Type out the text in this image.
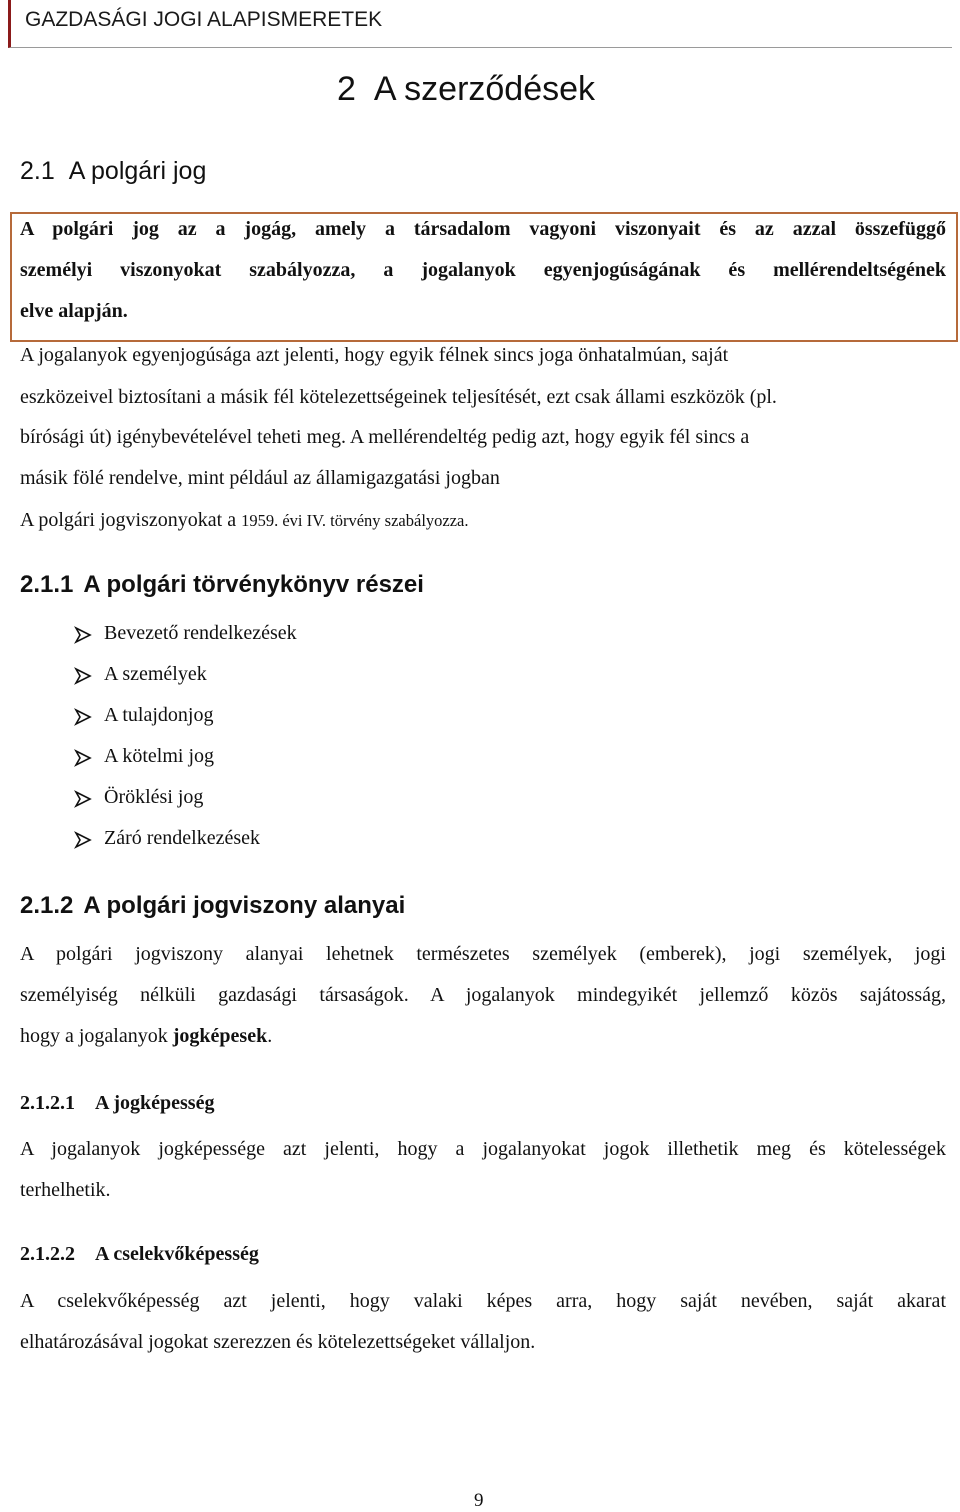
GAZDASÁGI JOGI ALAPISMERETEK
2 A szerződések
2.1 A polgári jog
A polgári jog az a jogág, amely a társadalom vagyoni viszonyait és az azzal összefüggő
személyi viszonyokat szabályozza, a jogalanyok egyenjogúságának és mellérendeltségének
elve alapján.
A jogalanyok egyenjogúsága azt jelenti, hogy egyik félnek sincs joga önhatalmúan, saját
eszközeivel biztosítani a másik fél kötelezettségeinek teljesítését, ezt csak állami eszközök (pl.
bírósági út) igénybevételével teheti meg. A mellérendeltég pedig azt, hogy egyik fél sincs a
másik fölé rendelve, mint például az államigazgatási jogban
A polgári jogviszonyokat a 1959. évi IV. törvény szabályozza.
2.1.1 A polgári törvénykönyv részei
Bevezető rendelkezések
A személyek
A tulajdonjog
A kötelmi jog
Öröklési jog
Záró rendelkezések
2.1.2 A polgári jogviszony alanyai
A polgári jogviszony alanyai lehetnek természetes személyek (emberek), jogi személyek, jogi
személyiség nélküli gazdasági társaságok. A jogalanyok mindegyikét jellemző közös sajátosság,
hogy a jogalanyok jogképesek.
2.1.2.1 A jogképesség
A jogalanyok jogképessége azt jelenti, hogy a jogalanyokat jogok illethetik meg és kötelességek
terhelhetik.
2.1.2.2 A cselekvőképesség
A cselekvőképesség azt jelenti, hogy valaki képes arra, hogy saját nevében, saját akarat
elhatározásával jogokat szerezzen és kötelezettségeket vállaljon.
9
